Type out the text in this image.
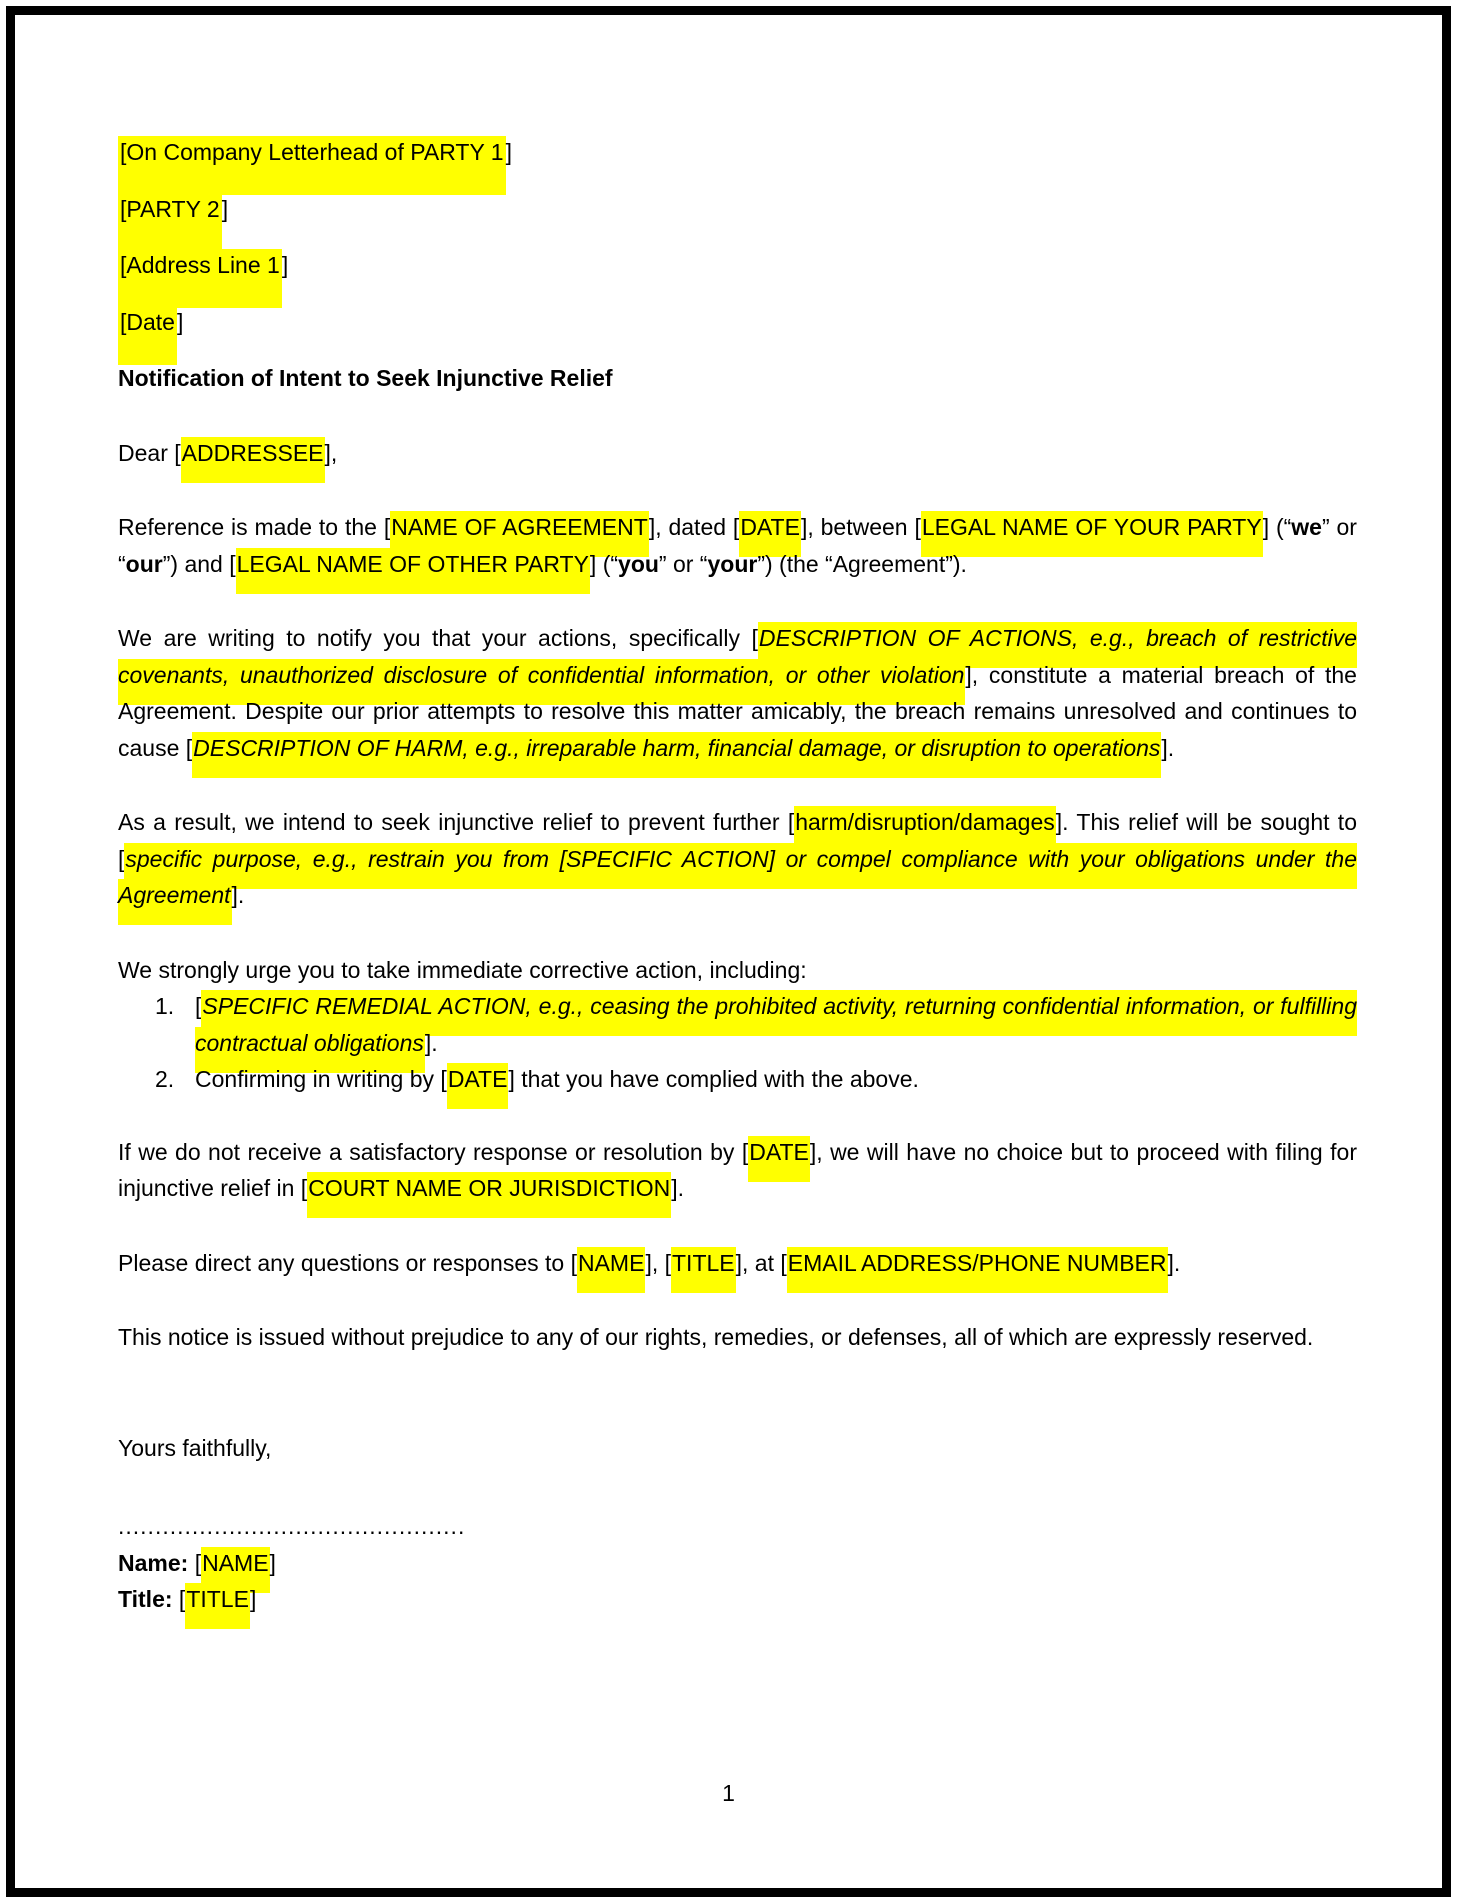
[On Company Letterhead of PARTY 1]

[PARTY 2]

[Address Line 1]

[Date]

Notification of Intent to Seek Injunctive Relief

Dear [ADDRESSEE],

Reference is made to the [NAME OF AGREEMENT], dated [DATE], between [LEGAL NAME OF YOUR PARTY] (“we” or “our”) and [LEGAL NAME OF OTHER PARTY] (“you” or “your”) (the “Agreement”).

We are writing to notify you that your actions, specifically [DESCRIPTION OF ACTIONS, e.g., breach of restrictive covenants, unauthorized disclosure of confidential information, or other violation], constitute a material breach of the Agreement. Despite our prior attempts to resolve this matter amicably, the breach remains unresolved and continues to cause [DESCRIPTION OF HARM, e.g., irreparable harm, financial damage, or disruption to operations].

As a result, we intend to seek injunctive relief to prevent further [harm/disruption/damages]. This relief will be sought to [specific purpose, e.g., restrain you from [SPECIFIC ACTION] or compel compliance with your obligations under the Agreement].

We strongly urge you to take immediate corrective action, including:

1. [SPECIFIC REMEDIAL ACTION, e.g., ceasing the prohibited activity, returning confidential information, or fulfilling contractual obligations].
2. Confirming in writing by [DATE] that you have complied with the above.

If we do not receive a satisfactory response or resolution by [DATE], we will have no choice but to proceed with filing for injunctive relief in [COURT NAME OR JURISDICTION].

Please direct any questions or responses to [NAME], [TITLE], at [EMAIL ADDRESS/PHONE NUMBER].

This notice is issued without prejudice to any of our rights, remedies, or defenses, all of which are expressly reserved.

Yours faithfully,

...............................................

Name: [NAME]

Title: [TITLE]

1
